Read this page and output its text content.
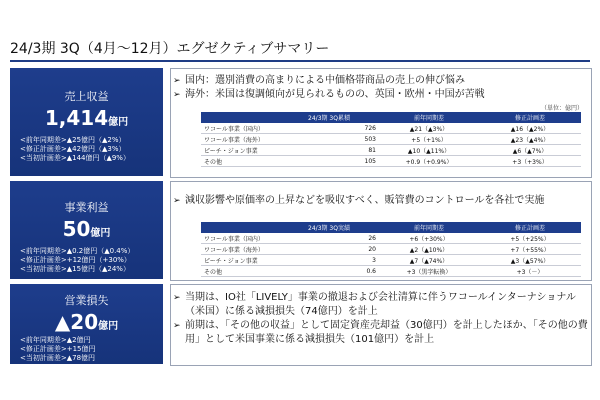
24/3期 3Q（4月～12月）エグゼクティブサマリー
売上収益
1,414億円
<前年同期差>▲25億円（▲2%）
<修正計画差>▲42億円（▲3%）
<当初計画差>▲144億円（▲9%）
➢ 国内：選別消費の高まりによる中価格帯商品の売上の伸び悩み
➢ 海外：米国は復調傾向が見られるものの、英国・欧州・中国が苦戦
（単位：億円）
	24/3期 3Q累積	前年同期差	修正計画差
ワコール事業（国内）	726	▲21（▲3%）	▲16（▲2%）
ワコール事業（海外）	503	+5（+1%）	▲23（▲4%）
ピーチ・ジョン事業	81	▲10（▲11%）	▲6（▲7%）
その他	105	+0.9（+0.9%）	+3（+3%）
事業利益
50億円
<前年同期差>▲0.2億円（▲0.4%）
<修正計画差>+12億円（+30%）
<当初計画差>▲15億円（▲24%）
➢ 減収影響や原価率の上昇などを吸収すべく、販管費のコントロールを各社で実施
	24/3期 3Q実績	前年同期差	修正計画差
ワコール事業（国内）	26	+6（+30%）	+5（+25%）
ワコール事業（海外）	20	▲2（▲10%）	+7（+55%）
ピーチ・ジョン事業	3	▲7（▲74%）	▲3（▲57%）
その他	0.6	+3（黒字転換）	+3（－）
営業損失
▲20億円
<前年同期差>▲2億円
<修正計画差>+15億円
<当初計画差>▲78億円
➢ 当期は、IO社「LIVELY」事業の撤退および会社清算に伴うワコールインターナショナル（米国）に係る減損損失（74億円）を計上
➢ 前期は、「その他の収益」として固定資産売却益（30億円）を計上したほか、「その他の費用」として米国事業に係る減損損失（101億円）を計上
